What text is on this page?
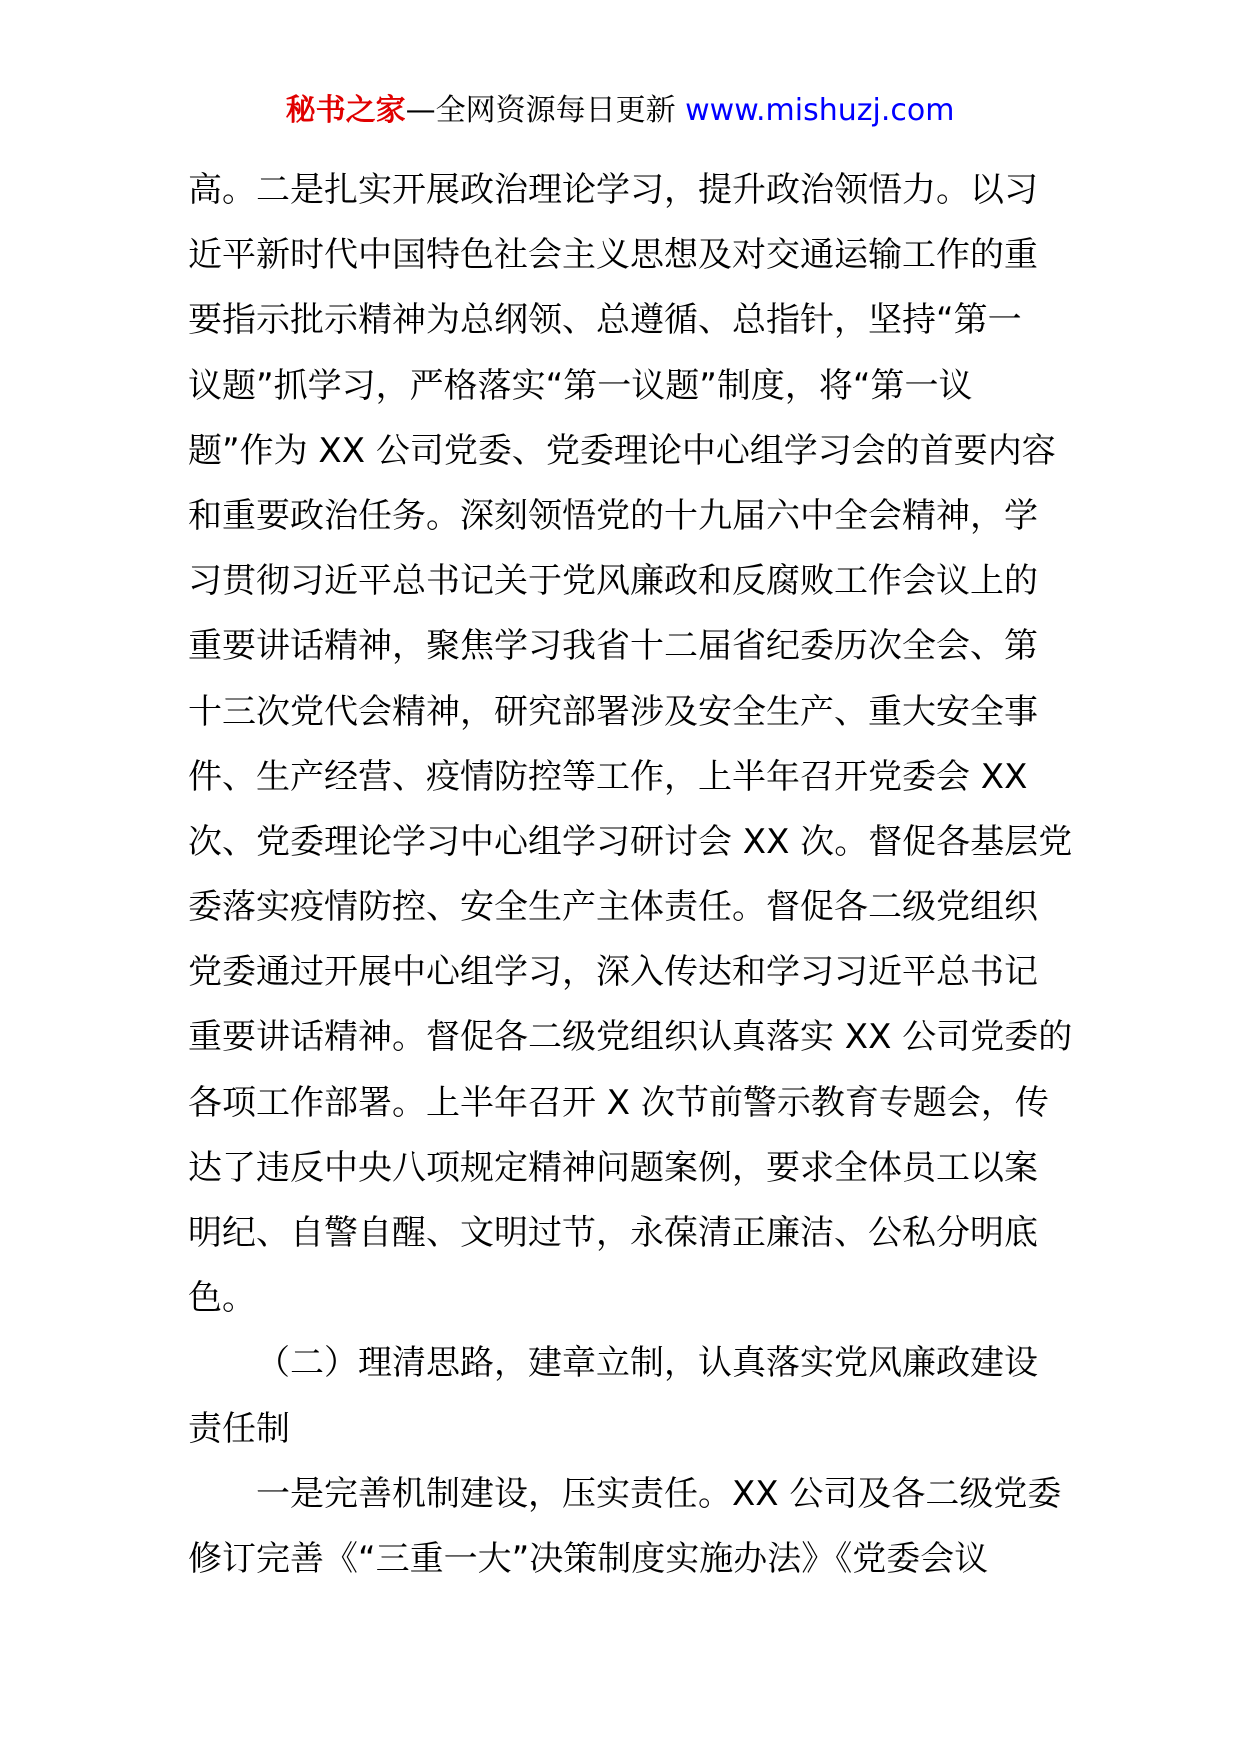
秘书之家—全网资源每日更新 www.mishuzj.com
高。二是扎实开展政治理论学习，提升政治领悟力。以习
近平新时代中国特色社会主义思想及对交通运输工作的重
要指示批示精神为总纲领、总遵循、总指针，坚持“第一
议题”抓学习，严格落实“第一议题”制度，将“第一议
题”作为 XX 公司党委、党委理论中心组学习会的首要内容
和重要政治任务。深刻领悟党的十九届六中全会精神，学
习贯彻习近平总书记关于党风廉政和反腐败工作会议上的
重要讲话精神，聚焦学习我省十二届省纪委历次全会、第
十三次党代会精神，研究部署涉及安全生产、重大安全事
件、生产经营、疫情防控等工作，上半年召开党委会 XX
次、党委理论学习中心组学习研讨会 XX 次。督促各基层党
委落实疫情防控、安全生产主体责任。督促各二级党组织
党委通过开展中心组学习，深入传达和学习习近平总书记
重要讲话精神。督促各二级党组织认真落实 XX 公司党委的
各项工作部署。上半年召开 X 次节前警示教育专题会，传
达了违反中央八项规定精神问题案例，要求全体员工以案
明纪、自警自醒、文明过节，永葆清正廉洁、公私分明底
色。
（二）理清思路，建章立制，认真落实党风廉政建设
责任制
一是完善机制建设，压实责任。XX 公司及各二级党委
修订完善《“三重一大”决策制度实施办法》《党委会议
